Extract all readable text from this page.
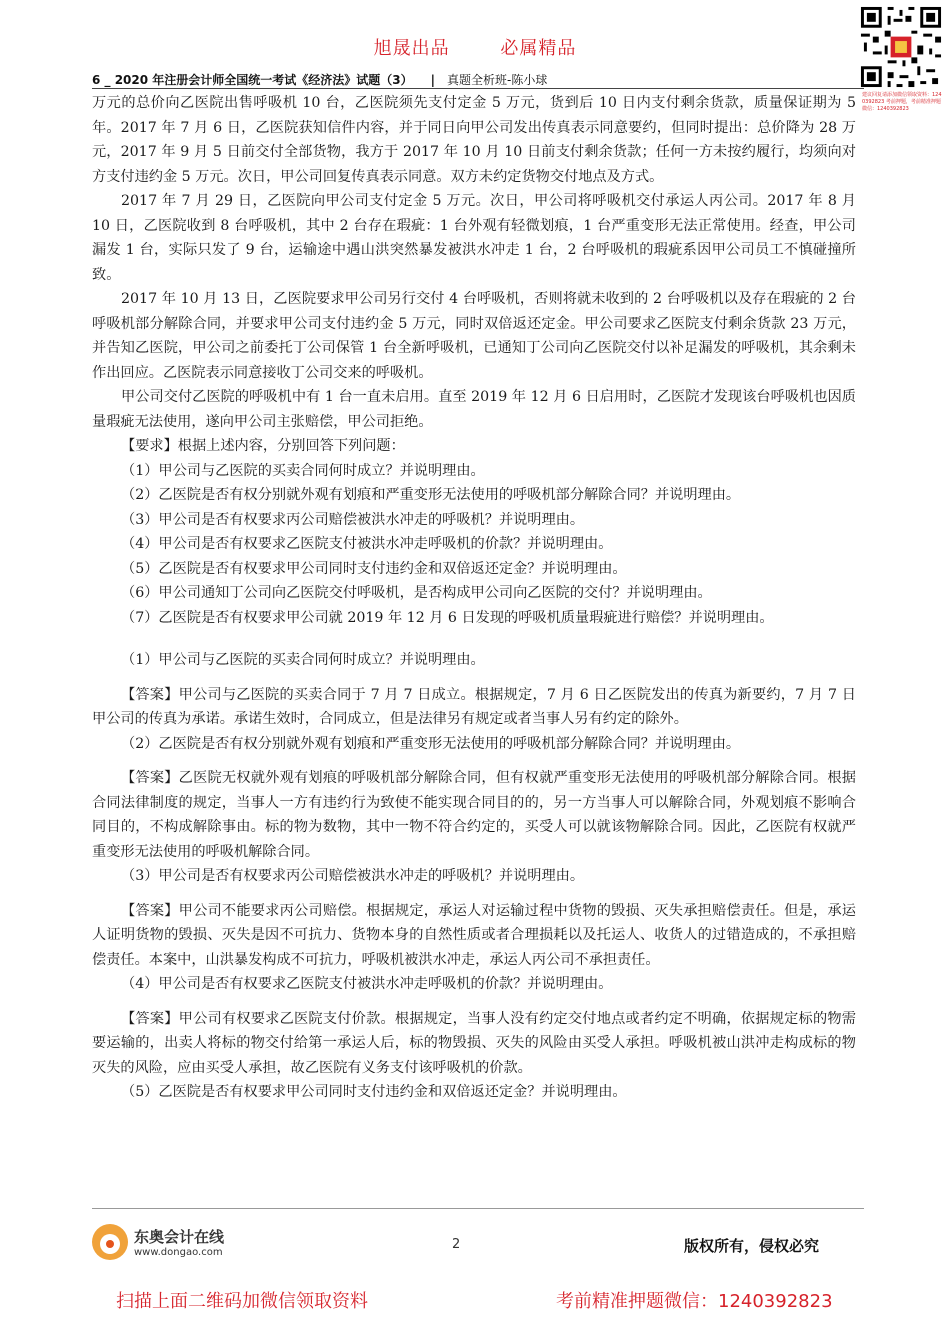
旭晟出品	必属精品
建议回复请添加微信领取资料：1240392823 考前押题，考前精准押题微信：1240392823
6 _ 2020 年注册会计师全国统一考试《经济法》试题（3） | 真题全析班-陈小球

万元的总价向乙医院出售呼吸机 10 台，乙医院须先支付定金 5 万元，货到后 10 日内支付剩余货款，质量保证期为 5 年。2017 年 7 月 6 日，乙医院获知信件内容，并于同日向甲公司发出传真表示同意要约，但同时提出：总价降为 28 万元，2017 年 9 月 5 日前交付全部货物，我方于 2017 年 10 月 10 日前支付剩余货款；任何一方未按约履行，均须向对方支付违约金 5 万元。次日，甲公司回复传真表示同意。双方未约定货物交付地点及方式。

2017 年 7 月 29 日，乙医院向甲公司支付定金 5 万元。次日，甲公司将呼吸机交付承运人丙公司。2017 年 8 月 10 日，乙医院收到 8 台呼吸机，其中 2 台存在瑕疵：1 台外观有轻微划痕，1 台严重变形无法正常使用。经查，甲公司漏发 1 台，实际只发了 9 台，运输途中遇山洪突然暴发被洪水冲走 1 台，2 台呼吸机的瑕疵系因甲公司员工不慎碰撞所致。

2017 年 10 月 13 日，乙医院要求甲公司另行交付 4 台呼吸机，否则将就未收到的 2 台呼吸机以及存在瑕疵的 2 台呼吸机部分解除合同，并要求甲公司支付违约金 5 万元，同时双倍返还定金。甲公司要求乙医院支付剩余货款 23 万元，并告知乙医院，甲公司之前委托丁公司保管 1 台全新呼吸机，已通知丁公司向乙医院交付以补足漏发的呼吸机，其余剩未作出回应。乙医院表示同意接收丁公司交来的呼吸机。

甲公司交付乙医院的呼吸机中有 1 台一直未启用。直至 2019 年 12 月 6 日启用时，乙医院才发现该台呼吸机也因质量瑕疵无法使用，遂向甲公司主张赔偿，甲公司拒绝。

【要求】根据上述内容，分别回答下列问题：

（1）甲公司与乙医院的买卖合同何时成立？并说明理由。

（2）乙医院是否有权分别就外观有划痕和严重变形无法使用的呼吸机部分解除合同？并说明理由。

（3）甲公司是否有权要求丙公司赔偿被洪水冲走的呼吸机？并说明理由。

（4）甲公司是否有权要求乙医院支付被洪水冲走呼吸机的价款？并说明理由。

（5）乙医院是否有权要求甲公司同时支付违约金和双倍返还定金？并说明理由。

（6）甲公司通知丁公司向乙医院交付呼吸机，是否构成甲公司向乙医院的交付？并说明理由。

（7）乙医院是否有权要求甲公司就 2019 年 12 月 6 日发现的呼吸机质量瑕疵进行赔偿？并说明理由。

（1）甲公司与乙医院的买卖合同何时成立？并说明理由。

【答案】甲公司与乙医院的买卖合同于 7 月 7 日成立。根据规定，7 月 6 日乙医院发出的传真为新要约，7 月 7 日甲公司的传真为承诺。承诺生效时，合同成立，但是法律另有规定或者当事人另有约定的除外。

（2）乙医院是否有权分别就外观有划痕和严重变形无法使用的呼吸机部分解除合同？并说明理由。

【答案】乙医院无权就外观有划痕的呼吸机部分解除合同，但有权就严重变形无法使用的呼吸机部分解除合同。根据合同法律制度的规定，当事人一方有违约行为致使不能实现合同目的的，另一方当事人可以解除合同，外观划痕不影响合同目的，不构成解除事由。标的物为数物，其中一物不符合约定的，买受人可以就该物解除合同。因此，乙医院有权就严重变形无法使用的呼吸机解除合同。

（3）甲公司是否有权要求丙公司赔偿被洪水冲走的呼吸机？并说明理由。

【答案】甲公司不能要求丙公司赔偿。根据规定，承运人对运输过程中货物的毁损、灭失承担赔偿责任。但是，承运人证明货物的毁损、灭失是因不可抗力、货物本身的自然性质或者合理损耗以及托运人、收货人的过错造成的，不承担赔偿责任。本案中，山洪暴发构成不可抗力，呼吸机被洪水冲走，承运人丙公司不承担责任。

（4）甲公司是否有权要求乙医院支付被洪水冲走呼吸机的价款？并说明理由。

【答案】甲公司有权要求乙医院支付价款。根据规定，当事人没有约定交付地点或者约定不明确，依据规定标的物需要运输的，出卖人将标的物交付给第一承运人后，标的物毁损、灭失的风险由买受人承担。呼吸机被山洪冲走构成标的物灭失的风险，应由买受人承担，故乙医院有义务支付该呼吸机的价款。

（5）乙医院是否有权要求甲公司同时支付违约金和双倍返还定金？并说明理由。

东奥会计在线
www.dongao.com
2	版权所有，侵权必究
扫描上面二维码加微信领取资料	考前精准押题微信：1240392823
